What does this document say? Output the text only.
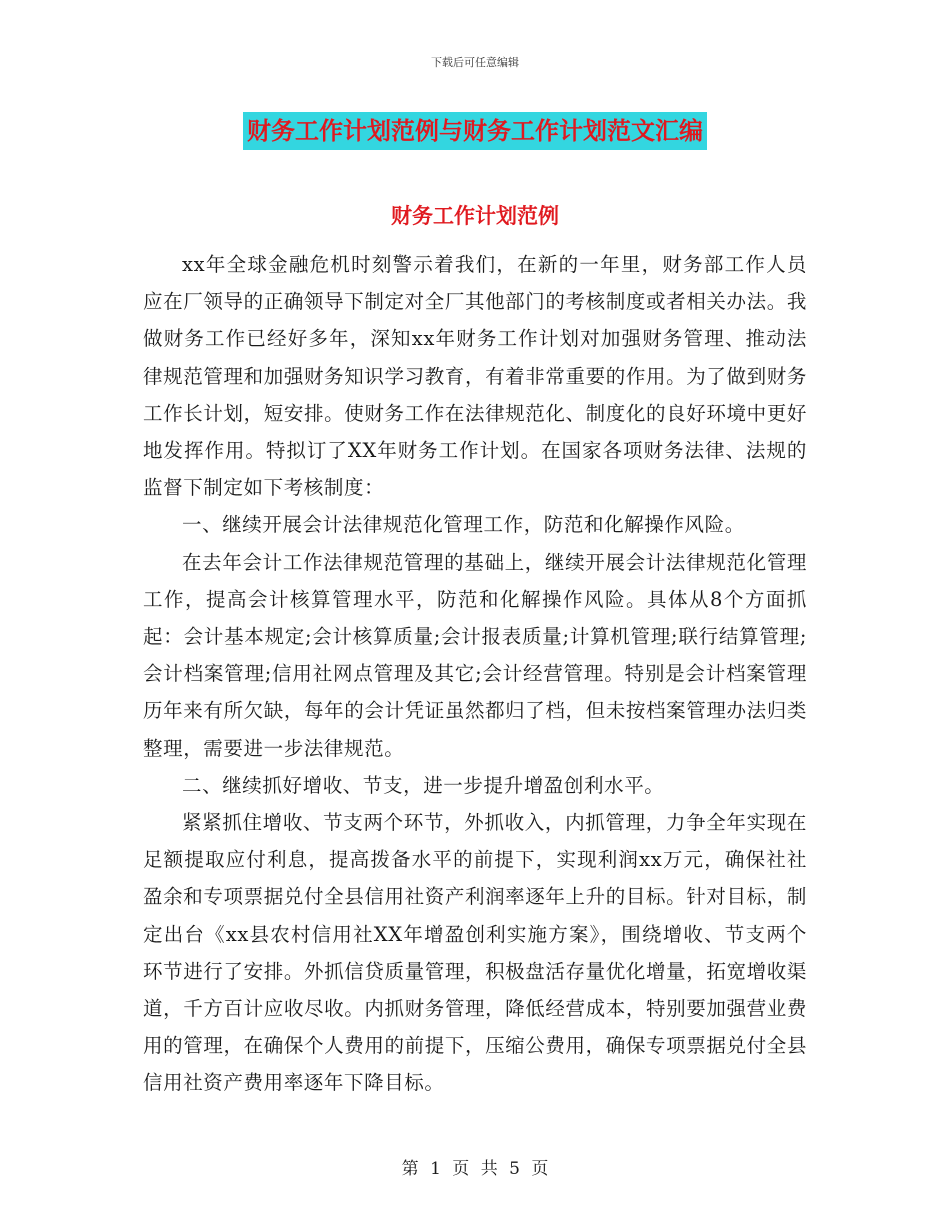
下载后可任意编辑
财务工作计划范例与财务工作计划范文汇编
财务工作计划范例

xx年全球金融危机时刻警示着我们，在新的一年里，财务部工作人员应在厂领导的正确领导下制定对全厂其他部门的考核制度或者相关办法。我做财务工作已经好多年，深知xx年财务工作计划对加强财务管理、推动法律规范管理和加强财务知识学习教育，有着非常重要的作用。为了做到财务工作长计划，短安排。使财务工作在法律规范化、制度化的良好环境中更好地发挥作用。特拟订了XX年财务工作计划。在国家各项财务法律、法规的监督下制定如下考核制度：

一、继续开展会计法律规范化管理工作，防范和化解操作风险。

在去年会计工作法律规范管理的基础上，继续开展会计法律规范化管理工作，提高会计核算管理水平，防范和化解操作风险。具体从8个方面抓起：会计基本规定;会计核算质量;会计报表质量;计算机管理;联行结算管理;会计档案管理;信用社网点管理及其它;会计经营管理。特别是会计档案管理历年来有所欠缺，每年的会计凭证虽然都归了档，但未按档案管理办法归类整理，需要进一步法律规范。

二、继续抓好增收、节支，进一步提升增盈创利水平。

紧紧抓住增收、节支两个环节，外抓收入，内抓管理，力争全年实现在足额提取应付利息，提高拨备水平的前提下，实现利润xx万元，确保社社盈余和专项票据兑付全县信用社资产利润率逐年上升的目标。针对目标，制定出台《xx县农村信用社XX年增盈创利实施方案》，围绕增收、节支两个环节进行了安排。外抓信贷质量管理，积极盘活存量优化增量，拓宽增收渠道，千方百计应收尽收。内抓财务管理，降低经营成本，特别要加强营业费用的管理，在确保个人费用的前提下，压缩公费用，确保专项票据兑付全县信用社资产费用率逐年下降目标。

第 1 页 共 5 页
